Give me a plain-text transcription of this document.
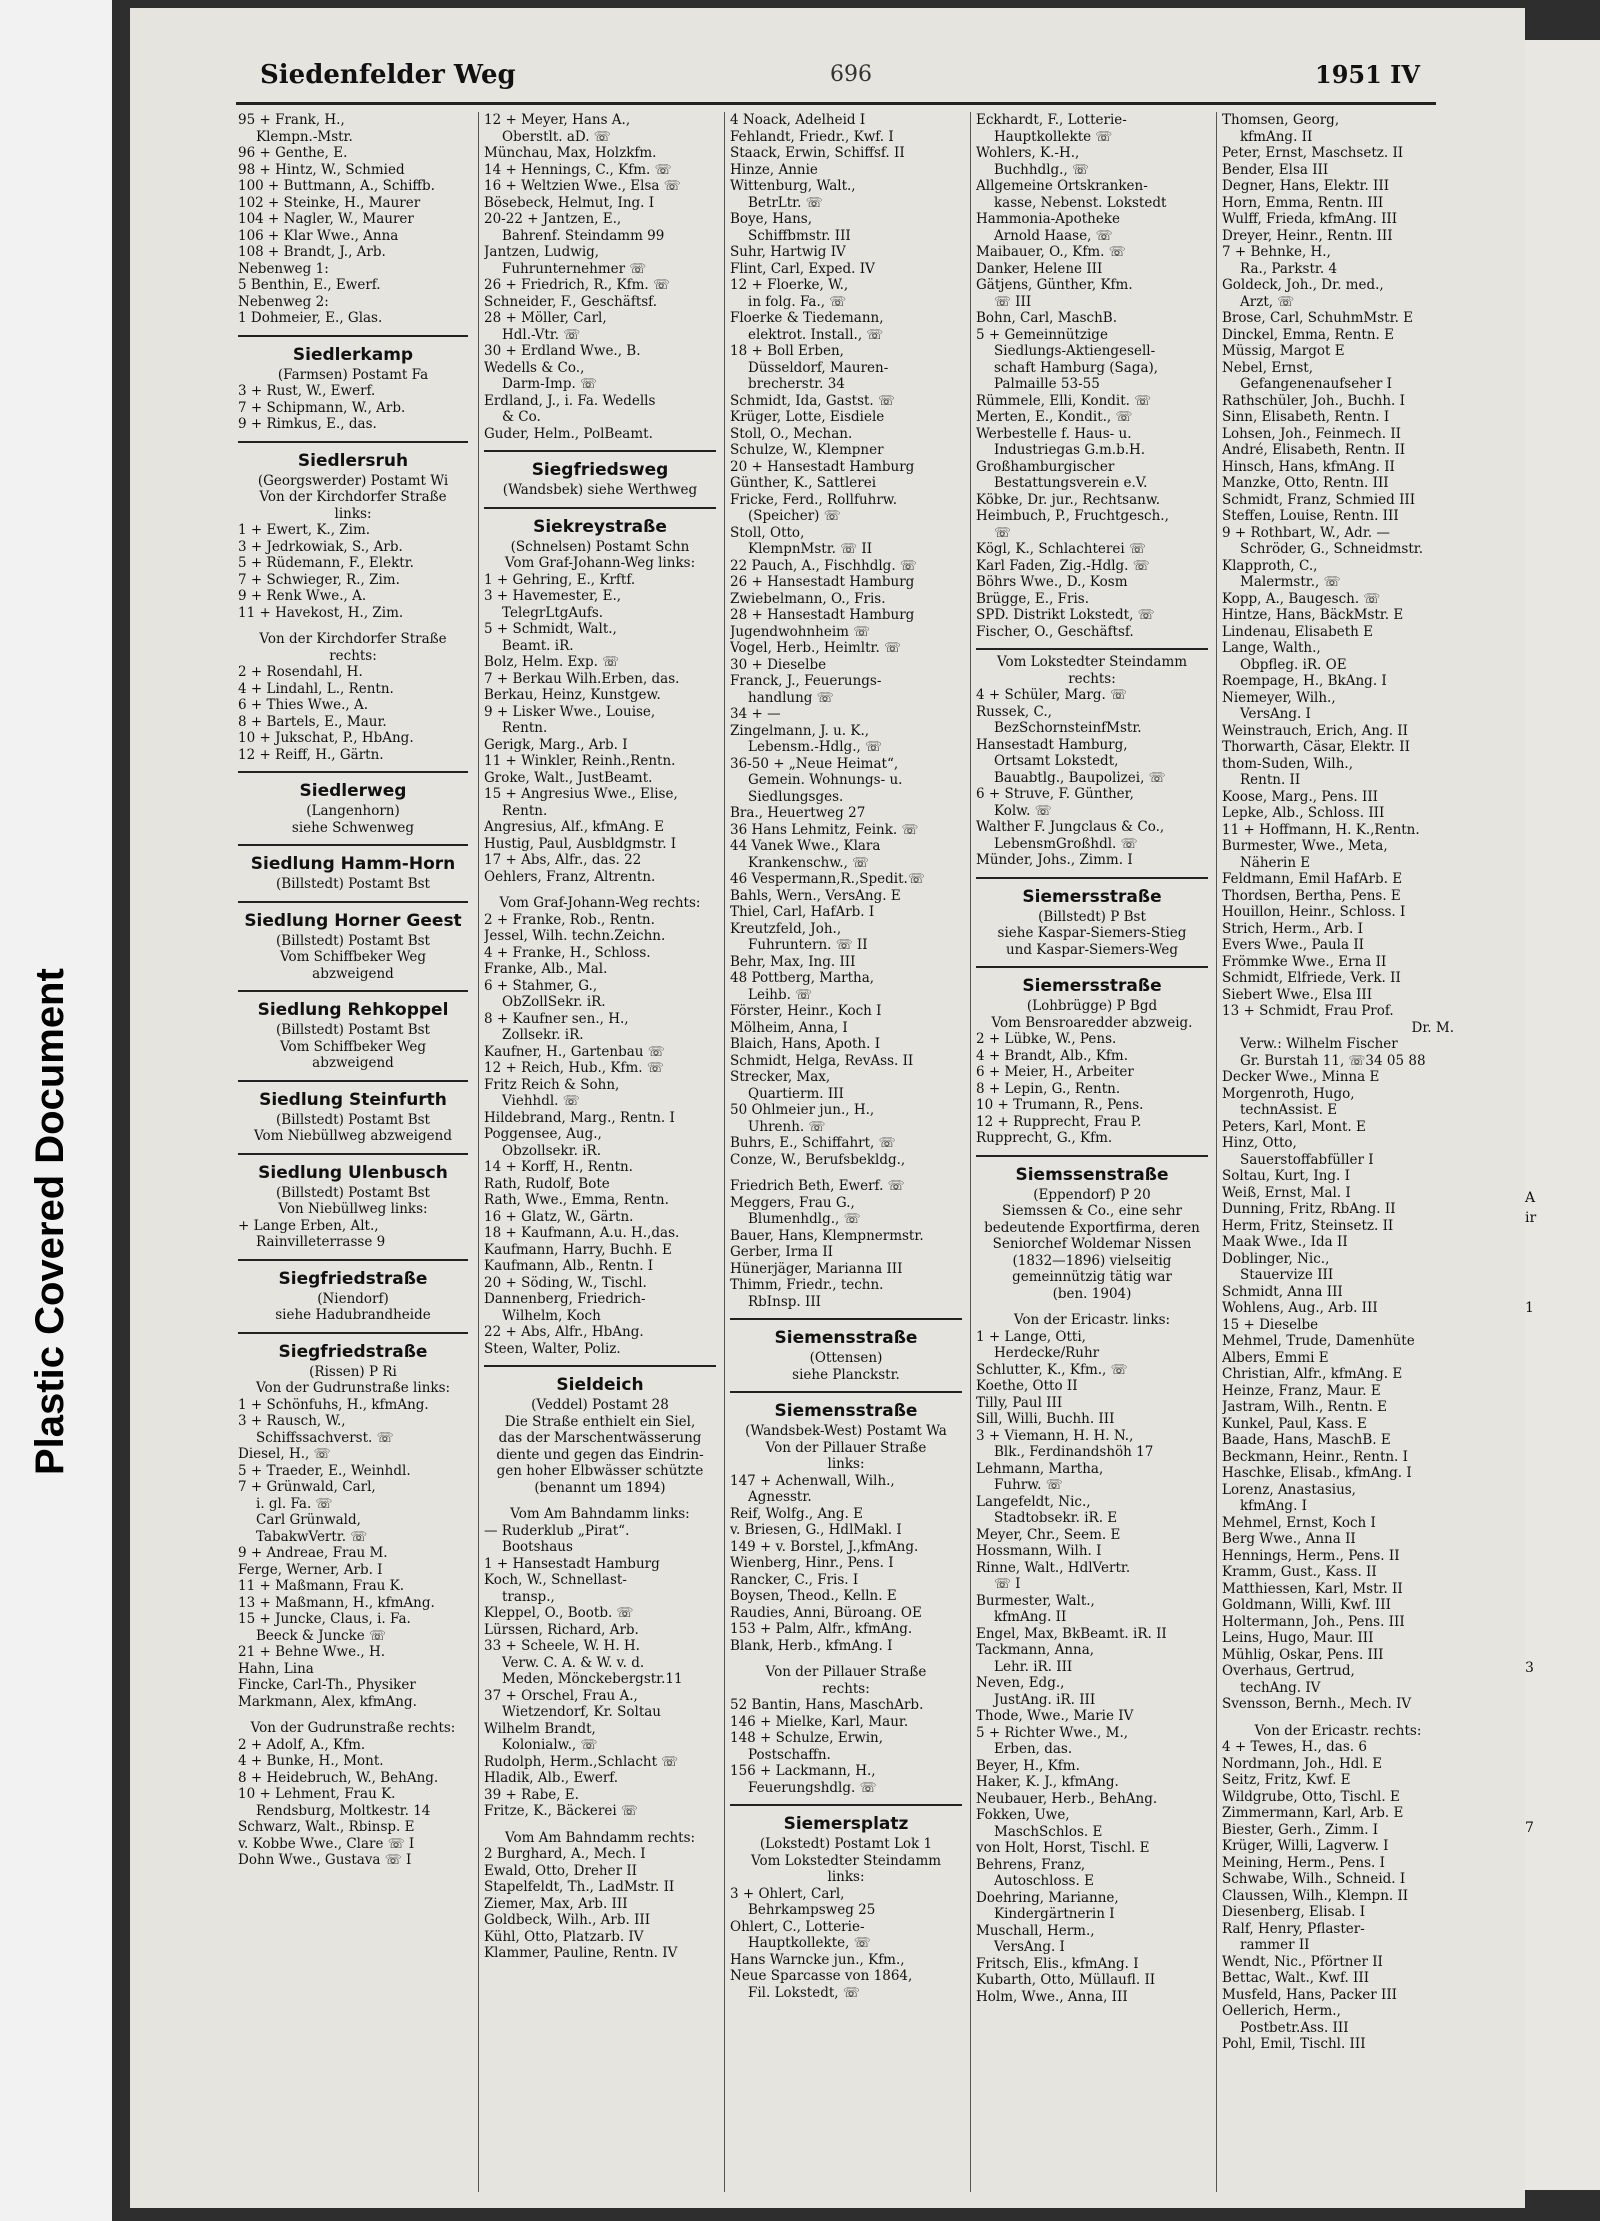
Plastic Covered Document	A
ir
1
3
7
Siedenfelder Weg	696	1951 IV
95 + Frank, H.,
Klempn.-Mstr.
96 + Genthe, E.
98 + Hintz, W., Schmied
100 + Buttmann, A., Schiffb.
102 + Steinke, H., Maurer
104 + Nagler, W., Maurer
106 + Klar Wwe., Anna
108 + Brandt, J., Arb.
Nebenweg 1:
5 Benthin, E., Ewerf.
Nebenweg 2:
1 Dohmeier, E., Glas.
Siedlerkamp
(Farmsen) Postamt Fa
3 + Rust, W., Ewerf.
7 + Schipmann, W., Arb.
9 + Rimkus, E., das.
Siedlersruh
(Georgswerder) Postamt Wi
Von der Kirchdorfer Straße
links:
1 + Ewert, K., Zim.
3 + Jedrkowiak, S., Arb.
5 + Rüdemann, F., Elektr.
7 + Schwieger, R., Zim.
9 + Renk Wwe., A.
11 + Havekost, H., Zim.
Von der Kirchdorfer Straße
rechts:
2 + Rosendahl, H.
4 + Lindahl, L., Rentn.
6 + Thies Wwe., A.
8 + Bartels, E., Maur.
10 + Jukschat, P., HbAng.
12 + Reiff, H., Gärtn.
Siedlerweg
(Langenhorn)
siehe Schwenweg
Siedlung Hamm-Horn
(Billstedt) Postamt Bst
Siedlung Horner Geest
(Billstedt) Postamt Bst
Vom Schiffbeker Weg
abzweigend
Siedlung Rehkoppel
(Billstedt) Postamt Bst
Vom Schiffbeker Weg
abzweigend
Siedlung Steinfurth
(Billstedt) Postamt Bst
Vom Niebüllweg abzweigend
Siedlung Ulenbusch
(Billstedt) Postamt Bst
Von Niebüllweg links:
+ Lange Erben, Alt.,
Rainvilleterrasse 9
Siegfriedstraße
(Niendorf)
siehe Hadubrandheide
Siegfriedstraße
(Rissen) P Ri
Von der Gudrunstraße links:
1 + Schönfuhs, H., kfmAng.
3 + Rausch, W.,
Schiffssachverst. ☏
Diesel, H., ☏
5 + Traeder, E., Weinhdl.
7 + Grünwald, Carl,
i. gl. Fa. ☏
Carl Grünwald,
TabakwVertr. ☏
9 + Andreae, Frau M.
Ferge, Werner, Arb. I
11 + Maßmann, Frau K.
13 + Maßmann, H., kfmAng.
15 + Juncke, Claus, i. Fa.
Beeck & Juncke ☏
21 + Behne Wwe., H.
Hahn, Lina
Fincke, Carl-Th., Physiker
Markmann, Alex, kfmAng.
Von der Gudrunstraße rechts:
2 + Adolf, A., Kfm.
4 + Bunke, H., Mont.
8 + Heidebruch, W., BehAng.
10 + Lehment, Frau K.
Rendsburg, Moltkestr. 14
Schwarz, Walt., Rbinsp. E
v. Kobbe Wwe., Clare ☏ I
Dohn Wwe., Gustava ☏ I
12 + Meyer, Hans A.,
Oberstlt. aD. ☏
Münchau, Max, Holzkfm.
14 + Hennings, C., Kfm. ☏
16 + Weltzien Wwe., Elsa ☏
Bösebeck, Helmut, Ing. I
20-22 + Jantzen, E.,
Bahrenf. Steindamm 99
Jantzen, Ludwig,
Fuhrunternehmer ☏
26 + Friedrich, R., Kfm. ☏
Schneider, F., Geschäftsf.
28 + Möller, Carl,
Hdl.-Vtr. ☏
30 + Erdland Wwe., B.
Wedells & Co.,
Darm-Imp. ☏
Erdland, J., i. Fa. Wedells
& Co.
Guder, Helm., PolBeamt.
Siegfriedsweg
(Wandsbek) siehe Werthweg
Siekreystraße
(Schnelsen) Postamt Schn
Vom Graf-Johann-Weg links:
1 + Gehring, E., Krftf.
3 + Havemester, E.,
TelegrLtgAufs.
5 + Schmidt, Walt.,
Beamt. iR.
Bolz, Helm. Exp. ☏
7 + Berkau Wilh.Erben, das.
Berkau, Heinz, Kunstgew.
9 + Lisker Wwe., Louise,
Rentn.
Gerigk, Marg., Arb. I
11 + Winkler, Reinh.,Rentn.
Groke, Walt., JustBeamt.
15 + Angresius Wwe., Elise,
Rentn.
Angresius, Alf., kfmAng. E
Hustig, Paul, Ausbldgmstr. I
17 + Abs, Alfr., das. 22
Oehlers, Franz, Altrentn.
Vom Graf-Johann-Weg rechts:
2 + Franke, Rob., Rentn.
Jessel, Wilh. techn.Zeichn.
4 + Franke, H., Schloss.
Franke, Alb., Mal.
6 + Stahmer, G.,
ObZollSekr. iR.
8 + Kaufner sen., H.,
Zollsekr. iR.
Kaufner, H., Gartenbau ☏
12 + Reich, Hub., Kfm. ☏
Fritz Reich & Sohn,
Viehhdl. ☏
Hildebrand, Marg., Rentn. I
Poggensee, Aug.,
Obzollsekr. iR.
14 + Korff, H., Rentn.
Rath, Rudolf, Bote
Rath, Wwe., Emma, Rentn.
16 + Glatz, W., Gärtn.
18 + Kaufmann, A.u. H.,das.
Kaufmann, Harry, Buchh. E
Kaufmann, Alb., Rentn. I
20 + Söding, W., Tischl.
Dannenberg, Friedrich-
Wilhelm, Koch
22 + Abs, Alfr., HbAng.
Steen, Walter, Poliz.
Sieldeich
(Veddel) Postamt 28
Die Straße enthielt ein Siel,
das der Marschentwässerung
diente und gegen das Eindrin-
gen hoher Elbwässer schützte
(benannt um 1894)
Vom Am Bahndamm links:
— Ruderklub „Pirat“.
Bootshaus
1 + Hansestadt Hamburg
Koch, W., Schnellast-
transp.,
Kleppel, O., Bootb. ☏
Lürssen, Richard, Arb.
33 + Scheele, W. H. H.
Verw. C. A. & W. v. d.
Meden, Mönckebergstr.11
37 + Orschel, Frau A.,
Wietzendorf, Kr. Soltau
Wilhelm Brandt,
Kolonialw., ☏
Rudolph, Herm.,Schlacht ☏
Hladik, Alb., Ewerf.
39 + Rabe, E.
Fritze, K., Bäckerei ☏
Vom Am Bahndamm rechts:
2 Burghard, A., Mech. I
Ewald, Otto, Dreher II
Stapelfeldt, Th., LadMstr. II
Ziemer, Max, Arb. III
Goldbeck, Wilh., Arb. III
Kühl, Otto, Platzarb. IV
Klammer, Pauline, Rentn. IV
4 Noack, Adelheid I
Fehlandt, Friedr., Kwf. I
Staack, Erwin, Schiffsf. II
Hinze, Annie
Wittenburg, Walt.,
BetrLtr. ☏
Boye, Hans,
Schiffbmstr. III
Suhr, Hartwig IV
Flint, Carl, Exped. IV
12 + Floerke, W.,
in folg. Fa., ☏
Floerke & Tiedemann,
elektrot. Install., ☏
18 + Boll Erben,
Düsseldorf, Mauren-
brecherstr. 34
Schmidt, Ida, Gastst. ☏
Krüger, Lotte, Eisdiele
Stoll, O., Mechan.
Schulze, W., Klempner
20 + Hansestadt Hamburg
Günther, K., Sattlerei
Fricke, Ferd., Rollfuhrw.
(Speicher) ☏
Stoll, Otto,
KlempnMstr. ☏ II
22 Pauch, A., Fischhdlg. ☏
26 + Hansestadt Hamburg
Zwiebelmann, O., Fris.
28 + Hansestadt Hamburg
Jugendwohnheim ☏
Vogel, Herb., Heimltr. ☏
30 + Dieselbe
Franck, J., Feuerungs-
handlung ☏
34 + —
Zingelmann, J. u. K.,
Lebensm.-Hdlg., ☏
36-50 + „Neue Heimat“,
Gemein. Wohnungs- u.
Siedlungsges.
Bra., Heuertweg 27
36 Hans Lehmitz, Feink. ☏
44 Vanek Wwe., Klara
Krankenschw., ☏
46 Vespermann,R.,Spedit.☏
Bahls, Wern., VersAng. E
Thiel, Carl, HafArb. I
Kreutzfeld, Joh.,
Fuhruntern. ☏ II
Behr, Max, Ing. III
48 Pottberg, Martha,
Leihb. ☏
Förster, Heinr., Koch I
Mölheim, Anna, I
Blaich, Hans, Apoth. I
Schmidt, Helga, RevAss. II
Strecker, Max,
Quartierm. III
50 Ohlmeier jun., H.,
Uhrenh. ☏
Buhrs, E., Schiffahrt, ☏
Conze, W., Berufsbekldg.,
Friedrich Beth, Ewerf. ☏
Meggers, Frau G.,
Blumenhdlg., ☏
Bauer, Hans, Klempnermstr.
Gerber, Irma II
Hünerjäger, Marianna III
Thimm, Friedr., techn.
RbInsp. III
Siemensstraße
(Ottensen)
siehe Planckstr.
Siemensstraße
(Wandsbek-West) Postamt Wa
Von der Pillauer Straße
links:
147 + Achenwall, Wilh.,
Agnesstr.
Reif, Wolfg., Ang. E
v. Briesen, G., HdlMakl. I
149 + v. Borstel, J.,kfmAng.
Wienberg, Hinr., Pens. I
Rancker, C., Fris. I
Boysen, Theod., Kelln. E
Raudies, Anni, Büroang. OE
153 + Palm, Alfr., kfmAng.
Blank, Herb., kfmAng. I
Von der Pillauer Straße
rechts:
52 Bantin, Hans, MaschArb.
146 + Mielke, Karl, Maur.
148 + Schulze, Erwin,
Postschaffn.
156 + Lackmann, H.,
Feuerungshdlg. ☏
Siemersplatz
(Lokstedt) Postamt Lok 1
Vom Lokstedter Steindamm
links:
3 + Ohlert, Carl,
Behrkampsweg 25
Ohlert, C., Lotterie-
Hauptkollekte, ☏
Hans Warncke jun., Kfm.,
Neue Sparcasse von 1864,
Fil. Lokstedt, ☏
Eckhardt, F., Lotterie-
Hauptkollekte ☏
Wohlers, K.-H.,
Buchhdlg., ☏
Allgemeine Ortskranken-
kasse, Nebenst. Lokstedt
Hammonia-Apotheke
Arnold Haase, ☏
Maibauer, O., Kfm. ☏
Danker, Helene III
Gätjens, Günther, Kfm.
☏ III
Bohn, Carl, MaschB.
5 + Gemeinnützige
Siedlungs-Aktiengesell-
schaft Hamburg (Saga),
Palmaille 53-55
Rümmele, Elli, Kondit. ☏
Merten, E., Kondit., ☏
Werbestelle f. Haus- u.
Industriegas G.m.b.H.
Großhamburgischer
Bestattungsverein e.V.
Köbke, Dr. jur., Rechtsanw.
Heimbuch, P., Fruchtgesch.,
☏
Kögl, K., Schlachterei ☏
Karl Faden, Zig.-Hdlg. ☏
Böhrs Wwe., D., Kosm
Brügge, E., Fris.
SPD. Distrikt Lokstedt, ☏
Fischer, O., Geschäftsf.
Vom Lokstedter Steindamm
rechts:
4 + Schüler, Marg. ☏
Russek, C.,
BezSchornsteinfMstr.
Hansestadt Hamburg,
Ortsamt Lokstedt,
Bauabtlg., Baupolizei, ☏
6 + Struve, F. Günther,
Kolw. ☏
Walther F. Jungclaus & Co.,
LebensmGroßhdl. ☏
Münder, Johs., Zimm. I
Siemersstraße
(Billstedt) P Bst
siehe Kaspar-Siemers-Stieg
und Kaspar-Siemers-Weg
Siemersstraße
(Lohbrügge) P Bgd
Vom Bensroaredder abzweig.
2 + Lübke, W., Pens.
4 + Brandt, Alb., Kfm.
6 + Meier, H., Arbeiter
8 + Lepin, G., Rentn.
10 + Trumann, R., Pens.
12 + Rupprecht, Frau P.
Rupprecht, G., Kfm.
Siemssenstraße
(Eppendorf) P 20
Siemssen & Co., eine sehr
bedeutende Exportfirma, deren
Seniorchef Woldemar Nissen
(1832—1896) vielseitig
gemeinnützig tätig war
(ben. 1904)
Von der Ericastr. links:
1 + Lange, Otti,
Herdecke/Ruhr
Schlutter, K., Kfm., ☏
Koethe, Otto II
Tilly, Paul III
Sill, Willi, Buchh. III
3 + Viemann, H. H. N.,
Blk., Ferdinandshöh 17
Lehmann, Martha,
Fuhrw. ☏
Langefeldt, Nic.,
Stadtobsekr. iR. E
Meyer, Chr., Seem. E
Hossmann, Wilh. I
Rinne, Walt., HdlVertr.
☏ I
Burmester, Walt.,
kfmAng. II
Engel, Max, BkBeamt. iR. II
Tackmann, Anna,
Lehr. iR. III
Neven, Edg.,
JustAng. iR. III
Thode, Wwe., Marie IV
5 + Richter Wwe., M.,
Erben, das.
Beyer, H., Kfm.
Haker, K. J., kfmAng.
Neubauer, Herb., BehAng.
Fokken, Uwe,
MaschSchlos. E
von Holt, Horst, Tischl. E
Behrens, Franz,
Autoschloss. E
Doehring, Marianne,
Kindergärtnerin I
Muschall, Herm.,
VersAng. I
Fritsch, Elis., kfmAng. I
Kubarth, Otto, Müllaufl. II
Holm, Wwe., Anna, III
Thomsen, Georg,
kfmAng. II
Peter, Ernst, Maschsetz. II
Bender, Elsa III
Degner, Hans, Elektr. III
Horn, Emma, Rentn. III
Wulff, Frieda, kfmAng. III
Dreyer, Heinr., Rentn. III
7 + Behnke, H.,
Ra., Parkstr. 4
Goldeck, Joh., Dr. med.,
Arzt, ☏
Brose, Carl, SchuhmMstr. E
Dinckel, Emma, Rentn. E
Müssig, Margot E
Nebel, Ernst,
Gefangenenaufseher I
Rathschüler, Joh., Buchh. I
Sinn, Elisabeth, Rentn. I
Lohsen, Joh., Feinmech. II
André, Elisabeth, Rentn. II
Hinsch, Hans, kfmAng. II
Manzke, Otto, Rentn. III
Schmidt, Franz, Schmied III
Steffen, Louise, Rentn. III
9 + Rothbart, W., Adr. —
Schröder, G., Schneidmstr.
Klapproth, C.,
Malermstr., ☏
Kopp, A., Baugesch. ☏
Hintze, Hans, BäckMstr. E
Lindenau, Elisabeth E
Lange, Walth.,
Obpfleg. iR. OE
Roempage, H., BkAng. I
Niemeyer, Wilh.,
VersAng. I
Weinstrauch, Erich, Ang. II
Thorwarth, Cäsar, Elektr. II
thom-Suden, Wilh.,
Rentn. II
Koose, Marg., Pens. III
Lepke, Alb., Schloss. III
11 + Hoffmann, H. K.,Rentn.
Burmester, Wwe., Meta,
Näherin E
Feldmann, Emil HafArb. E
Thordsen, Bertha, Pens. E
Houillon, Heinr., Schloss. I
Strich, Herm., Arb. I
Evers Wwe., Paula II
Frömmke Wwe., Erna II
Schmidt, Elfriede, Verk. II
Siebert Wwe., Elsa III
13 + Schmidt, Frau Prof.
Dr. M.
Verw.: Wilhelm Fischer
Gr. Burstah 11, ☏34 05 88
Decker Wwe., Minna E
Morgenroth, Hugo,
technAssist. E
Peters, Karl, Mont. E
Hinz, Otto,
Sauerstoffabfüller I
Soltau, Kurt, Ing. I
Weiß, Ernst, Mal. I
Dunning, Fritz, RbAng. II
Herm, Fritz, Steinsetz. II
Maak Wwe., Ida II
Doblinger, Nic.,
Stauervize III
Schmidt, Anna III
Wohlens, Aug., Arb. III
15 + Dieselbe
Mehmel, Trude, Damenhüte
Albers, Emmi E
Christian, Alfr., kfmAng. E
Heinze, Franz, Maur. E
Jastram, Wilh., Rentn. E
Kunkel, Paul, Kass. E
Baade, Hans, MaschB. E
Beckmann, Heinr., Rentn. I
Haschke, Elisab., kfmAng. I
Lorenz, Anastasius,
kfmAng. I
Mehmel, Ernst, Koch I
Berg Wwe., Anna II
Hennings, Herm., Pens. II
Kramm, Gust., Kass. II
Matthiessen, Karl, Mstr. II
Goldmann, Willi, Kwf. III
Holtermann, Joh., Pens. III
Leins, Hugo, Maur. III
Mühlig, Oskar, Pens. III
Overhaus, Gertrud,
techAng. IV
Svensson, Bernh., Mech. IV
Von der Ericastr. rechts:
4 + Tewes, H., das. 6
Nordmann, Joh., Hdl. E
Seitz, Fritz, Kwf. E
Wildgrube, Otto, Tischl. E
Zimmermann, Karl, Arb. E
Biester, Gerh., Zimm. I
Krüger, Willi, Lagverw. I
Meining, Herm., Pens. I
Schwabe, Wilh., Schneid. I
Claussen, Wilh., Klempn. II
Diesenberg, Elisab. I
Ralf, Henry, Pflaster-
rammer II
Wendt, Nic., Pförtner II
Bettac, Walt., Kwf. III
Musfeld, Hans, Packer III
Oellerich, Herm.,
Postbetr.Ass. III
Pohl, Emil, Tischl. III
